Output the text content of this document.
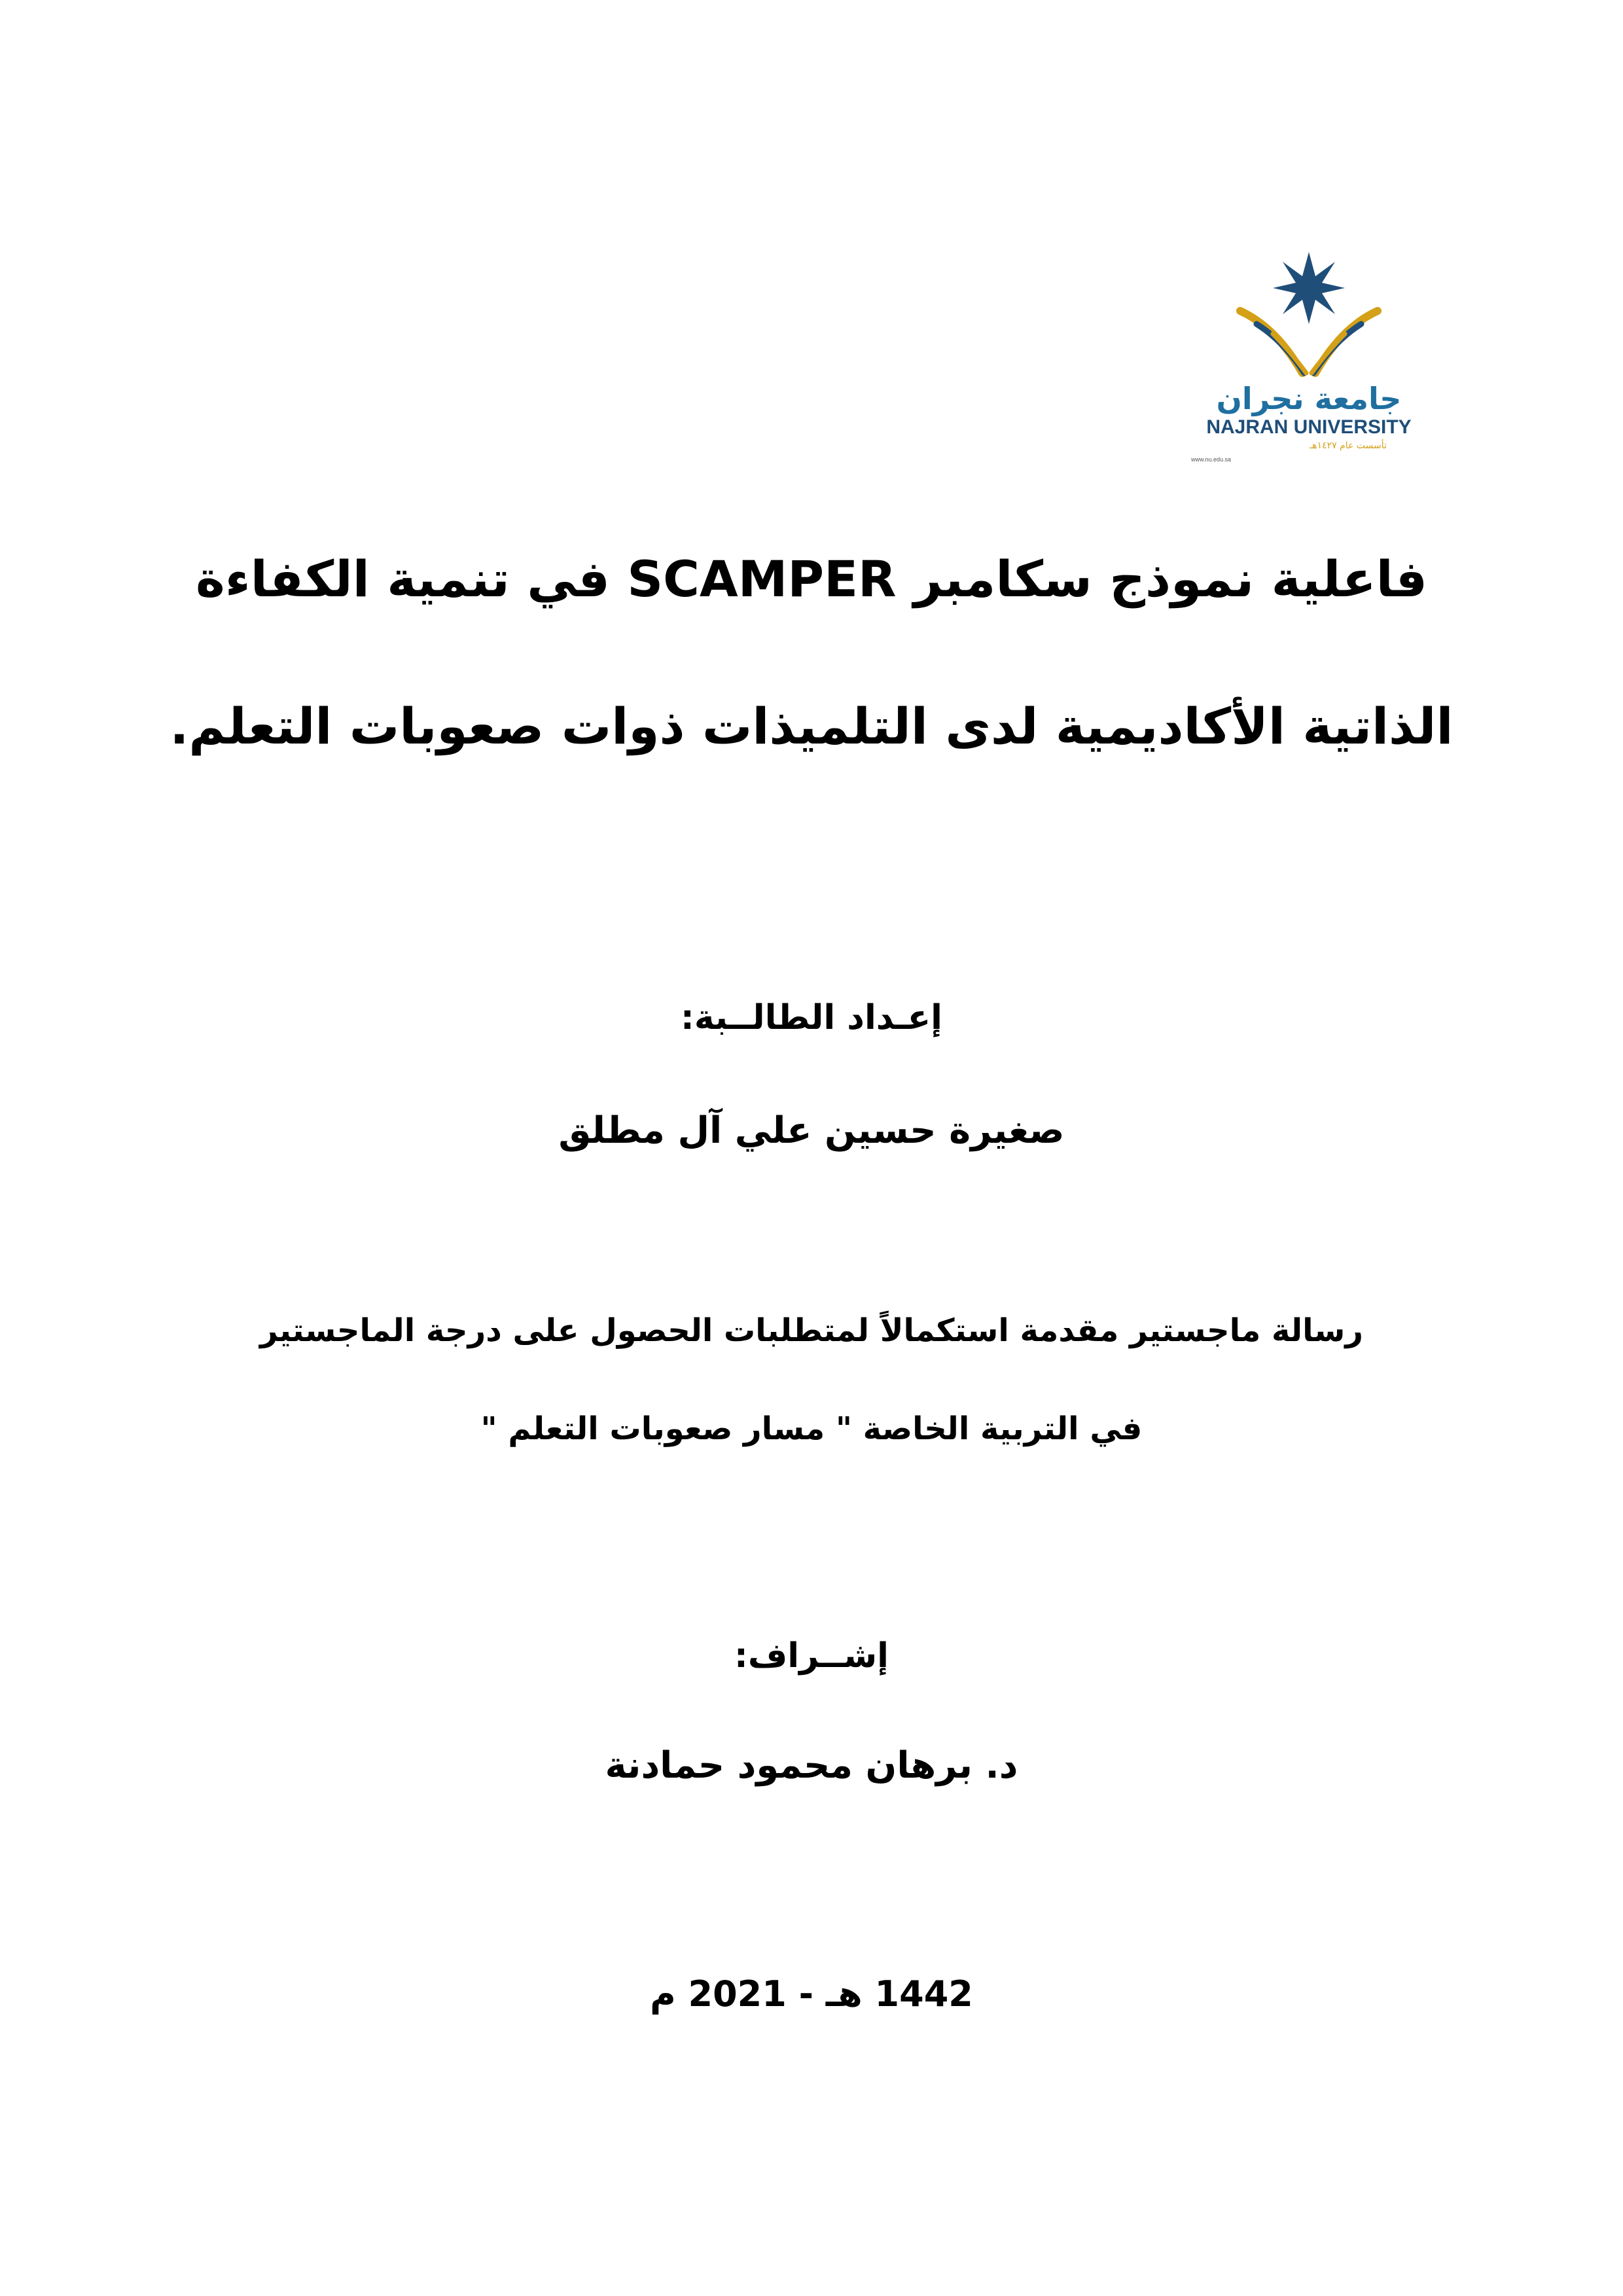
جامعة نجران
NAJRAN UNIVERSITY
تأسست عام ١٤٢٧هـ
www.nu.edu.sa
فاعلية نموذج سكامبر SCAMPER في تنمية الكفاءة
الذاتية الأكاديمية لدى التلميذات ذوات صعوبات التعلم.
إعـداد الطالــبة:
صغيرة حسين علي آل مطلق
رسالة ماجستير مقدمة استكمالاً لمتطلبات الحصول على درجة الماجستير
في التربية الخاصة " مسار صعوبات التعلم "
إشــراف:
د. برهان محمود حمادنة
1442 هـ - 2021 م
